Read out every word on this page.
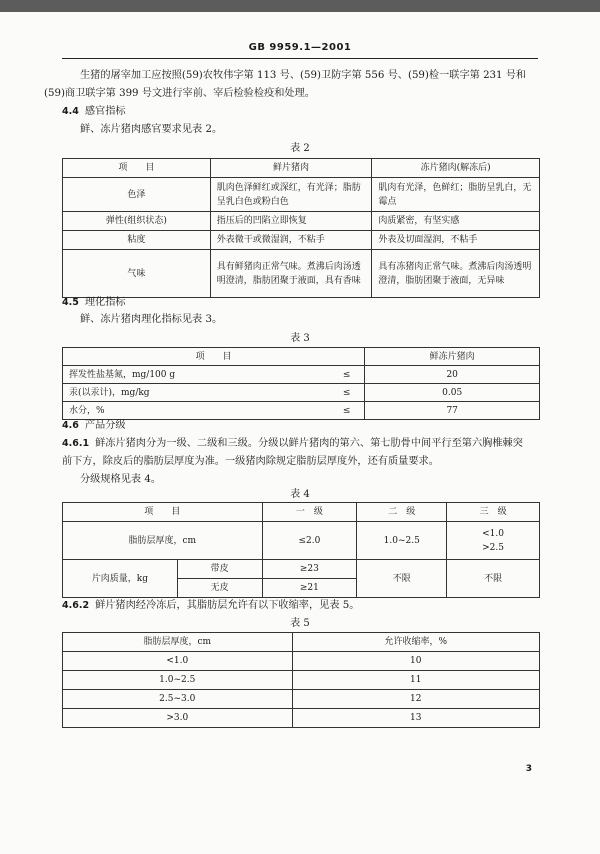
GB 9959.1—2001
生猪的屠宰加工应按照(59)农牧伟字第 113 号、(59)卫防字第 556 号、(59)检一联字第 231 号和
(59)商卫联字第 399 号文进行宰前、宰后检验检疫和处理。
4.4 感官指标
鲜、冻片猪肉感官要求见表 2。
表 2
项　　目	鲜片猪肉	冻片猪肉(解冻后)
色泽	肌肉色泽鲜红或深红，有光泽；脂肪呈乳白色或粉白色	肌肉有光泽，色鲜红；脂肪呈乳白，无霉点
弹性(组织状态)	指压后的凹陷立即恢复	肉质紧密，有坚实感
粘度	外表微干或微湿润，不粘手	外表及切面湿润，不粘手
气味	具有鲜猪肉正常气味。煮沸后肉汤透明澄清，脂肪团聚于液面，具有香味	具有冻猪肉正常气味。煮沸后肉汤透明澄清，脂肪团聚于液面，无异味
4.5 理化指标
鲜、冻片猪肉理化指标见表 3。
表 3
项　　目		鲜冻片猪肉
挥发性盐基氮，mg/100 g	≤	20
汞(以汞计)，mg/kg	≤	0.05
水分，%	≤	77
4.6 产品分级
4.6.1 鲜冻片猪肉分为一级、二级和三级。分级以鲜片猪肉的第六、第七肋骨中间平行至第六胸椎棘突
前下方，除皮后的脂肪层厚度为准。一级猪肉除规定脂肪层厚度外，还有质量要求。
分级规格见表 4。
表 4
项　　目		一　级	二　级	三　级
脂肪层厚度，cm		≤2.0	1.0~2.5	<1.0
>2.5
片肉质量，kg	带皮	≥23	不限	不限
	无皮	≥21		
4.6.2 鲜片猪肉经冷冻后，其脂肪层允许有以下收缩率，见表 5。
表 5
脂肪层厚度，cm	允许收缩率，%
<1.0	10
1.0~2.5	11
2.5~3.0	12
>3.0	13
3
